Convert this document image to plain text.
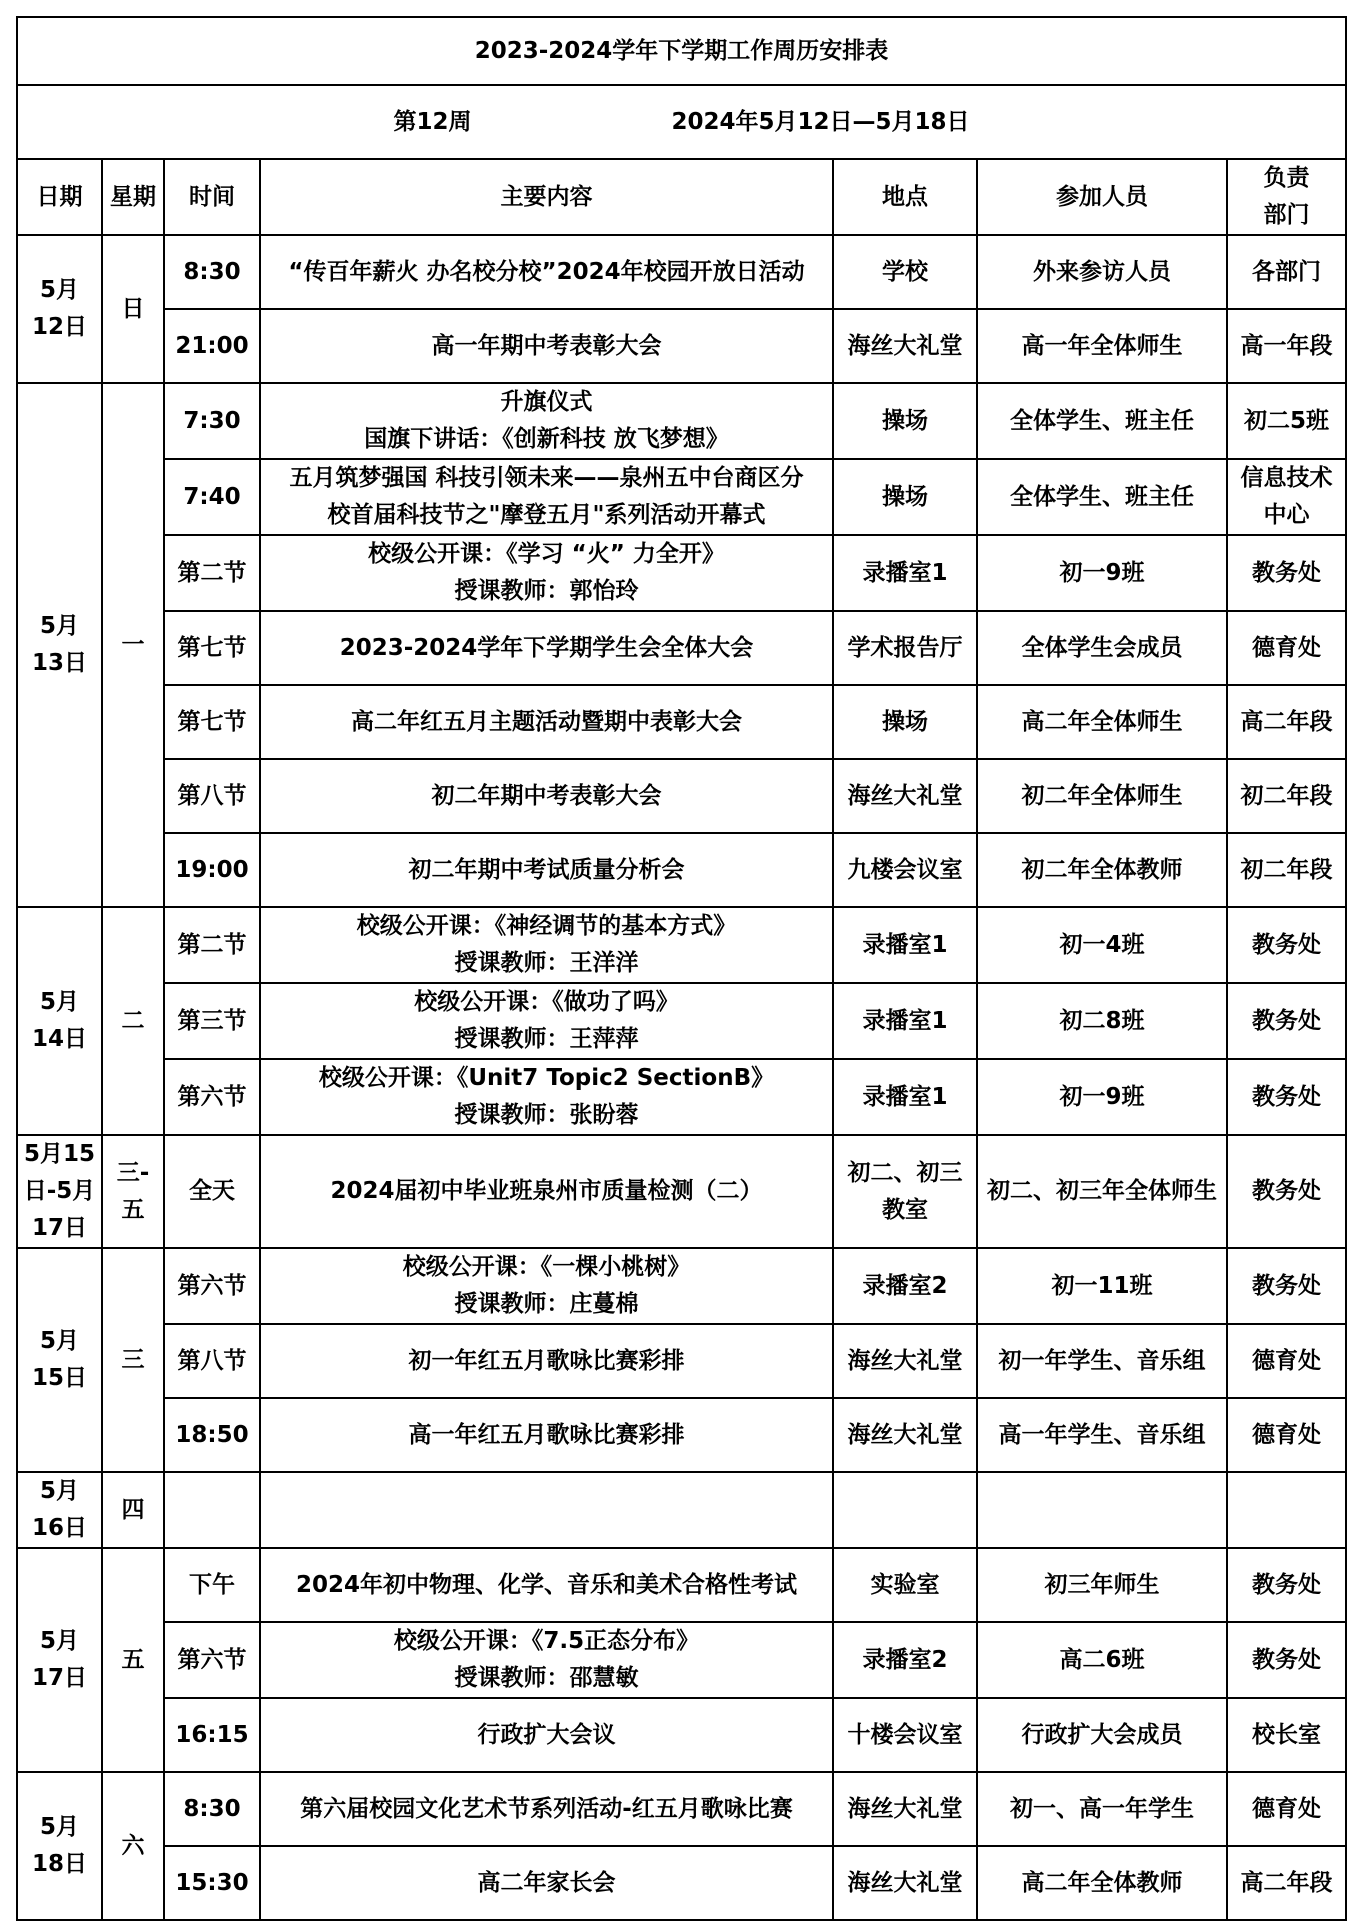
2023-2024学年下学期工作周历安排表						
第12周 2024年5月12日—5月18日						
日期	星期	时间	主要内容	地点	参加人员	负责
部门

5月
12日	日	8:30	“传百年薪火 办名校分校”2024年校园开放日活动	学校	外来参访人员	各部门

		21:00	高一年期中考表彰大会	海丝大礼堂	高一年全体师生	高一年段

5月
13日	一	7:30	升旗仪式
国旗下讲话：《创新科技 放飞梦想》	操场	全体学生、班主任	初二5班

		7:40	五月筑梦强国 科技引领未来——泉州五中台商区分
校首届科技节之"摩登五月"系列活动开幕式	操场	全体学生、班主任	信息技术
中心

		第二节	校级公开课：《学习 “火” 力全开》
授课教师：郭怡玲	录播室1	初一9班	教务处

		第七节	2023-2024学年下学期学生会全体大会	学术报告厅	全体学生会成员	德育处

		第七节	高二年红五月主题活动暨期中表彰大会	操场	高二年全体师生	高二年段

		第八节	初二年期中考表彰大会	海丝大礼堂	初二年全体师生	初二年段

		19:00	初二年期中考试质量分析会	九楼会议室	初二年全体教师	初二年段

5月
14日	二	第二节	校级公开课：《神经调节的基本方式》
授课教师：王洋洋	录播室1	初一4班	教务处

		第三节	校级公开课：《做功了吗》
授课教师：王萍萍	录播室1	初二8班	教务处

		第六节	校级公开课：《Unit7 Topic2 SectionB》
授课教师：张盼蓉	录播室1	初一9班	教务处

5月15
日-5月
17日	三-
五	全天	2024届初中毕业班泉州市质量检测（二）	初二、初三
教室	初二、初三年全体师生	教务处

5月
15日	三	第六节	校级公开课：《一棵小桃树》
授课教师：庄蔓棉	录播室2	初一11班	教务处

		第八节	初一年红五月歌咏比赛彩排	海丝大礼堂	初一年学生、音乐组	德育处

		18:50	高一年红五月歌咏比赛彩排	海丝大礼堂	高一年学生、音乐组	德育处

5月
16日	四					

5月
17日	五	下午	2024年初中物理、化学、音乐和美术合格性考试	实验室	初三年师生	教务处

		第六节	校级公开课：《7.5正态分布》
授课教师：邵慧敏	录播室2	高二6班	教务处

		16:15	行政扩大会议	十楼会议室	行政扩大会成员	校长室

5月
18日	六	8:30	第六届校园文化艺术节系列活动-红五月歌咏比赛	海丝大礼堂	初一、高一年学生	德育处

		15:30	高二年家长会	海丝大礼堂	高二年全体教师	高二年段
